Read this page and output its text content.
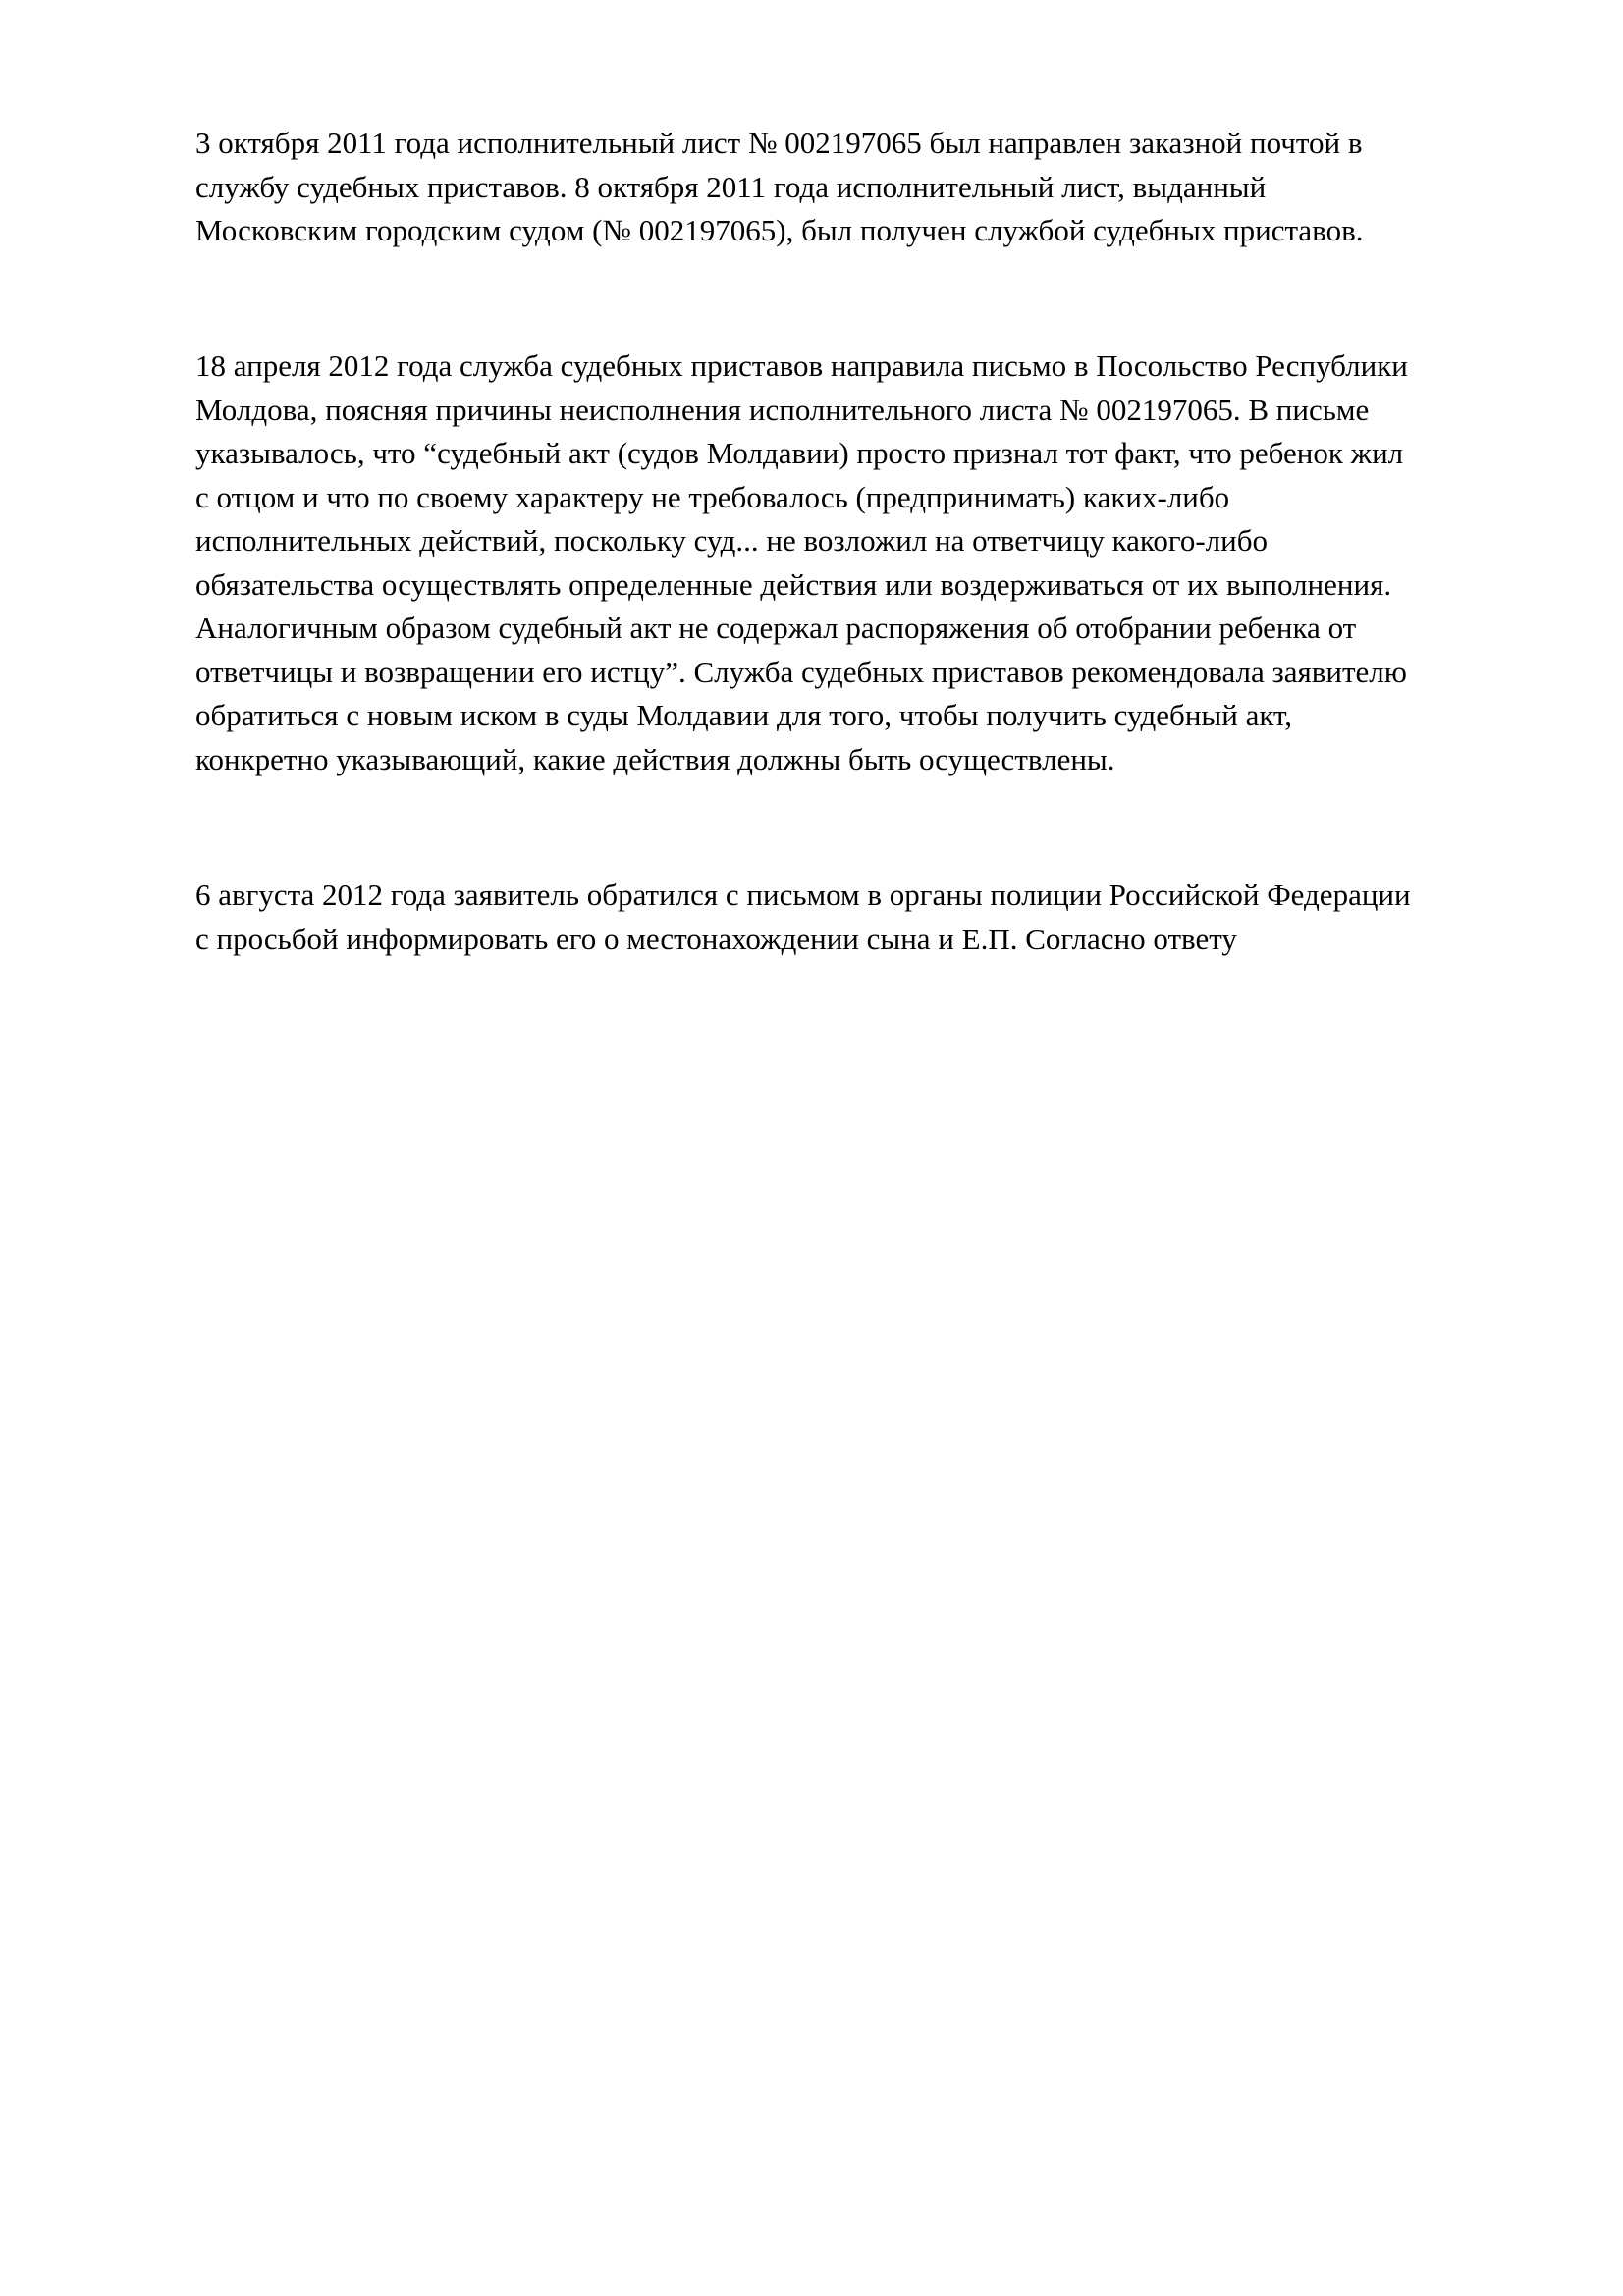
3 октября 2011 года исполнительный лист № 002197065 был направлен заказной почтой в
службу судебных приставов. 8 октября 2011 года исполнительный лист, выданный
Московским городским судом (№ 002197065), был получен службой судебных приставов.
18 апреля 2012 года служба судебных приставов направила письмо в Посольство Республики
Молдова, поясняя причины неисполнения исполнительного листа № 002197065. В письме
указывалось, что “судебный акт (судов Молдавии) просто признал тот факт, что ребенок жил
с отцом и что по своему характеру не требовалось (предпринимать) каких-либо
исполнительных действий, поскольку суд... не возложил на ответчицу какого-либо
обязательства осуществлять определенные действия или воздерживаться от их выполнения.
Аналогичным образом судебный акт не содержал распоряжения об отобрании ребенка от
ответчицы и возвращении его истцу”. Служба судебных приставов рекомендовала заявителю
обратиться с новым иском в суды Молдавии для того, чтобы получить судебный акт,
конкретно указывающий, какие действия должны быть осуществлены.
6 августа 2012 года заявитель обратился с письмом в органы полиции Российской Федерации
с просьбой информировать его о местонахождении сына и Е.П. Согласно ответу
